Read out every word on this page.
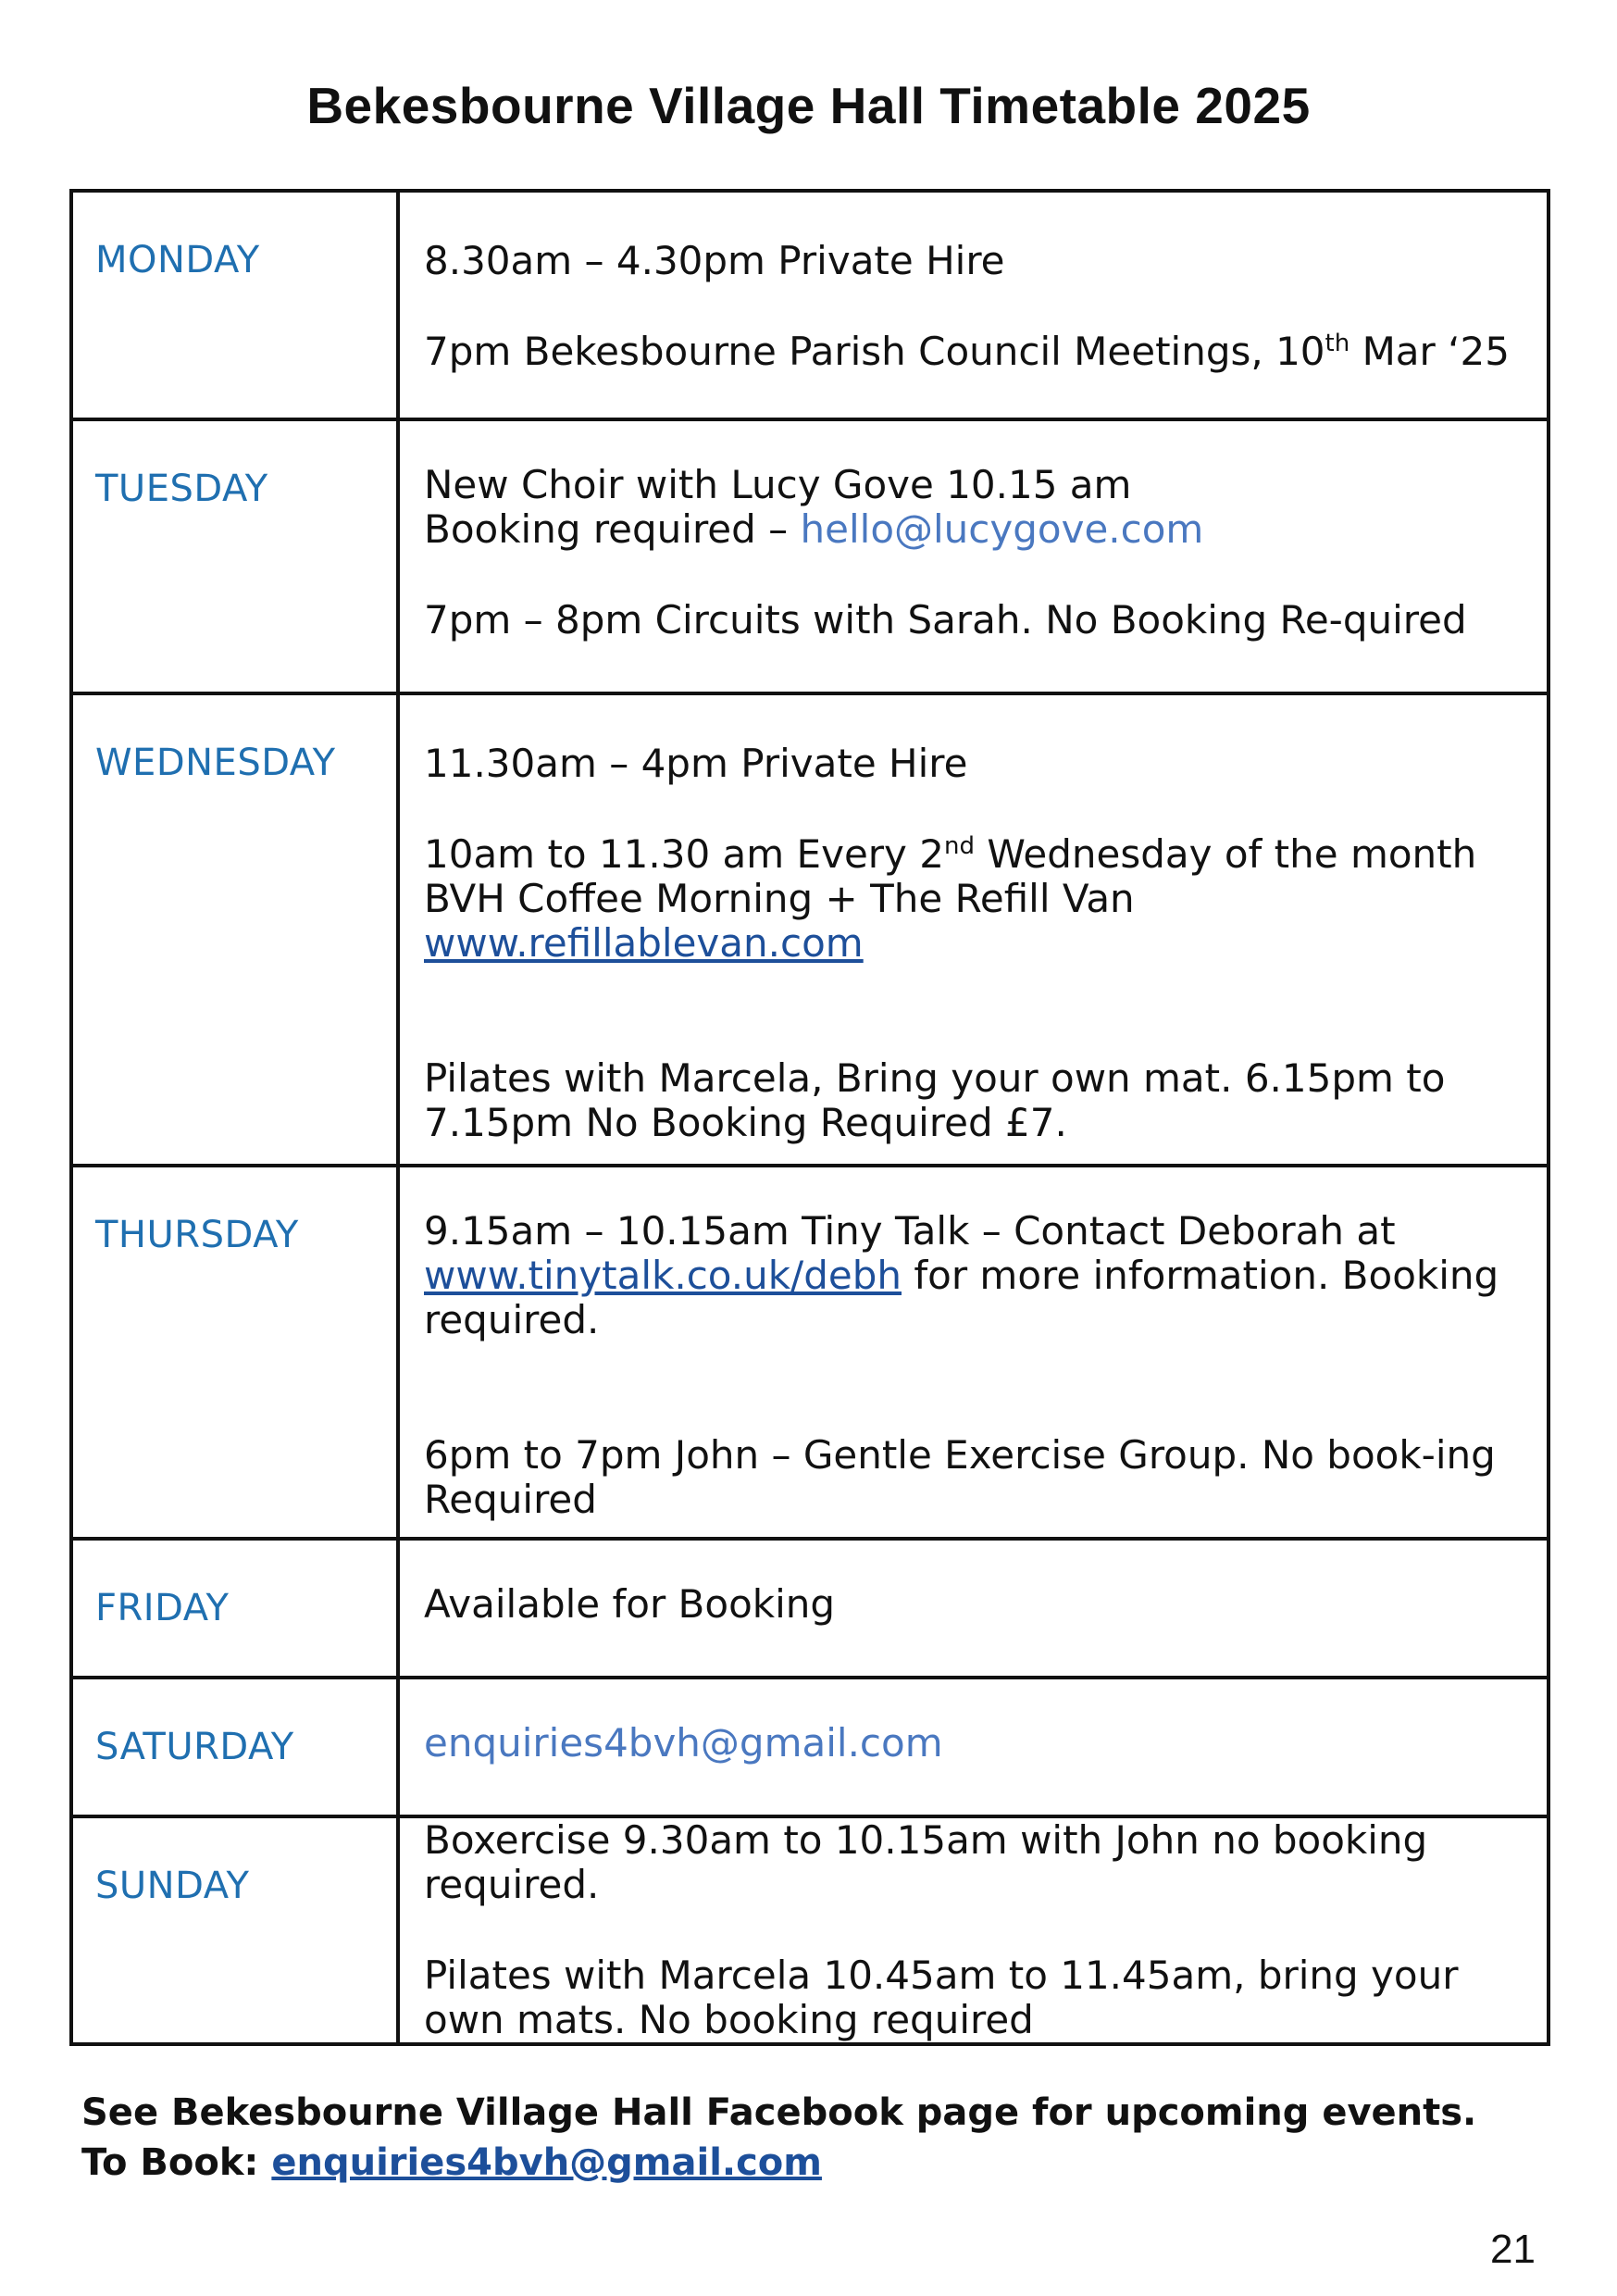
Bekesbourne Village Hall Timetable 2025
MONDAY	8.30am – 4.30pm Private Hire
7pm Bekesbourne Parish Council Meetings, 10th Mar ‘25

TUESDAY	New Choir with Lucy Gove 10.15 am
Booking required – hello@lucygove.com
7pm – 8pm Circuits with Sarah. No Booking Re-quired

WEDNESDAY	11.30am – 4pm Private Hire
10am to 11.30 am Every 2nd Wednesday of the month BVH Coffee Morning + The Refill Van
www.refillablevan.com
Pilates with Marcela, Bring your own mat. 6.15pm to 7.15pm No Booking Required £7.

THURSDAY	9.15am – 10.15am Tiny Talk – Contact Deborah at www.tinytalk.co.uk/debh for more information. Booking required.
6pm to 7pm John – Gentle Exercise Group. No book-ing Required

FRIDAY	Available for Booking

SATURDAY	enquiries4bvh@gmail.com

SUNDAY	Boxercise 9.30am to 10.15am with John no booking required.
Pilates with Marcela 10.45am to 11.45am, bring your own mats. No booking required
See Bekesbourne Village Hall Facebook page for upcoming events.
To Book: enquiries4bvh@gmail.com
21
